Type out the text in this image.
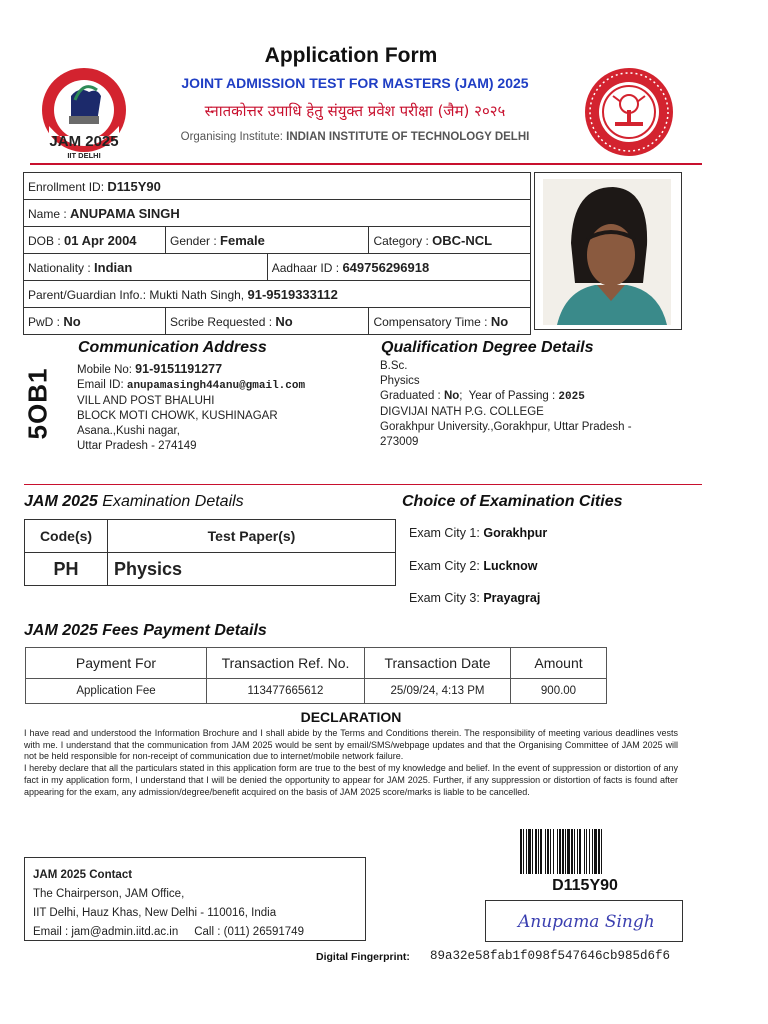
JAM 2025
IIT DELHI
Application Form
JOINT ADMISSION TEST FOR MASTERS (JAM) 2025
स्नातकोत्तर उपाधि हेतु संयुक्त प्रवेश परीक्षा (जैम) २०२५
Organising Institute: INDIAN INSTITUTE OF TECHNOLOGY DELHI
Enrollment ID: D115Y90			
Name : ANUPAMA SINGH			
DOB : 01 Apr 2004	Gender : Female		Category : OBC-NCL
Nationality : Indian		Aadhaar ID : 649756296918	
Parent/Guardian Info.: Mukti Nath Singh, 91-9519333112			
PwD : No	Scribe Requested : No		Compensatory Time : No
5OB1
Communication Address
Mobile No: 91-9151191277
Email ID: anupamasingh44anu@gmail.com
VILL AND POST BHALUHI
BLOCK MOTI CHOWK, KUSHINAGAR
Asana.,Kushi nagar,
Uttar Pradesh - 274149
Qualification Degree Details
B.Sc.
Physics
Graduated : No;  Year of Passing : 2025
DIGVIJAI NATH P.G. COLLEGE
Gorakhpur University.,Gorakhpur, Uttar Pradesh -
273009
JAM 2025 Examination Details	Choice of Examination Cities
Code(s)	Test Paper(s)
PH	Physics
Exam City 1: Gorakhpur
Exam City 2: Lucknow
Exam City 3: Prayagraj
JAM 2025 Fees Payment Details
Payment For	Transaction Ref. No.	Transaction Date	Amount
Application Fee	113477665612	25/09/24, 4:13 PM	900.00
DECLARATION
I have read and understood the Information Brochure and I shall abide by the Terms and Conditions therein. The responsibility of meeting various deadlines vests with me. I understand that the communication from JAM 2025 would be sent by email/SMS/webpage updates and that the Organising Committee of JAM 2025 will not be held responsible for non-receipt of communication due to internet/mobile network failure.
I hereby declare that all the particulars stated in this application form are true to the best of my knowledge and belief. In the event of suppression or distortion of any fact in my application form, I understand that I will be denied the opportunity to appear for JAM 2025. Further, if any suppression or distortion of facts is found after appearing for the exam, any admission/degree/benefit acquired on the basis of JAM 2025 score/marks is liable to be cancelled.
JAM 2025 Contact
The Chairperson, JAM Office,
IIT Delhi, Hauz Khas, New Delhi - 110016, India
Email : jam@admin.iitd.ac.in     Call : (011) 26591749
D115Y90
Anupama Singh
Digital Fingerprint: 89a32e58fab1f098f547646cb985d6f6
